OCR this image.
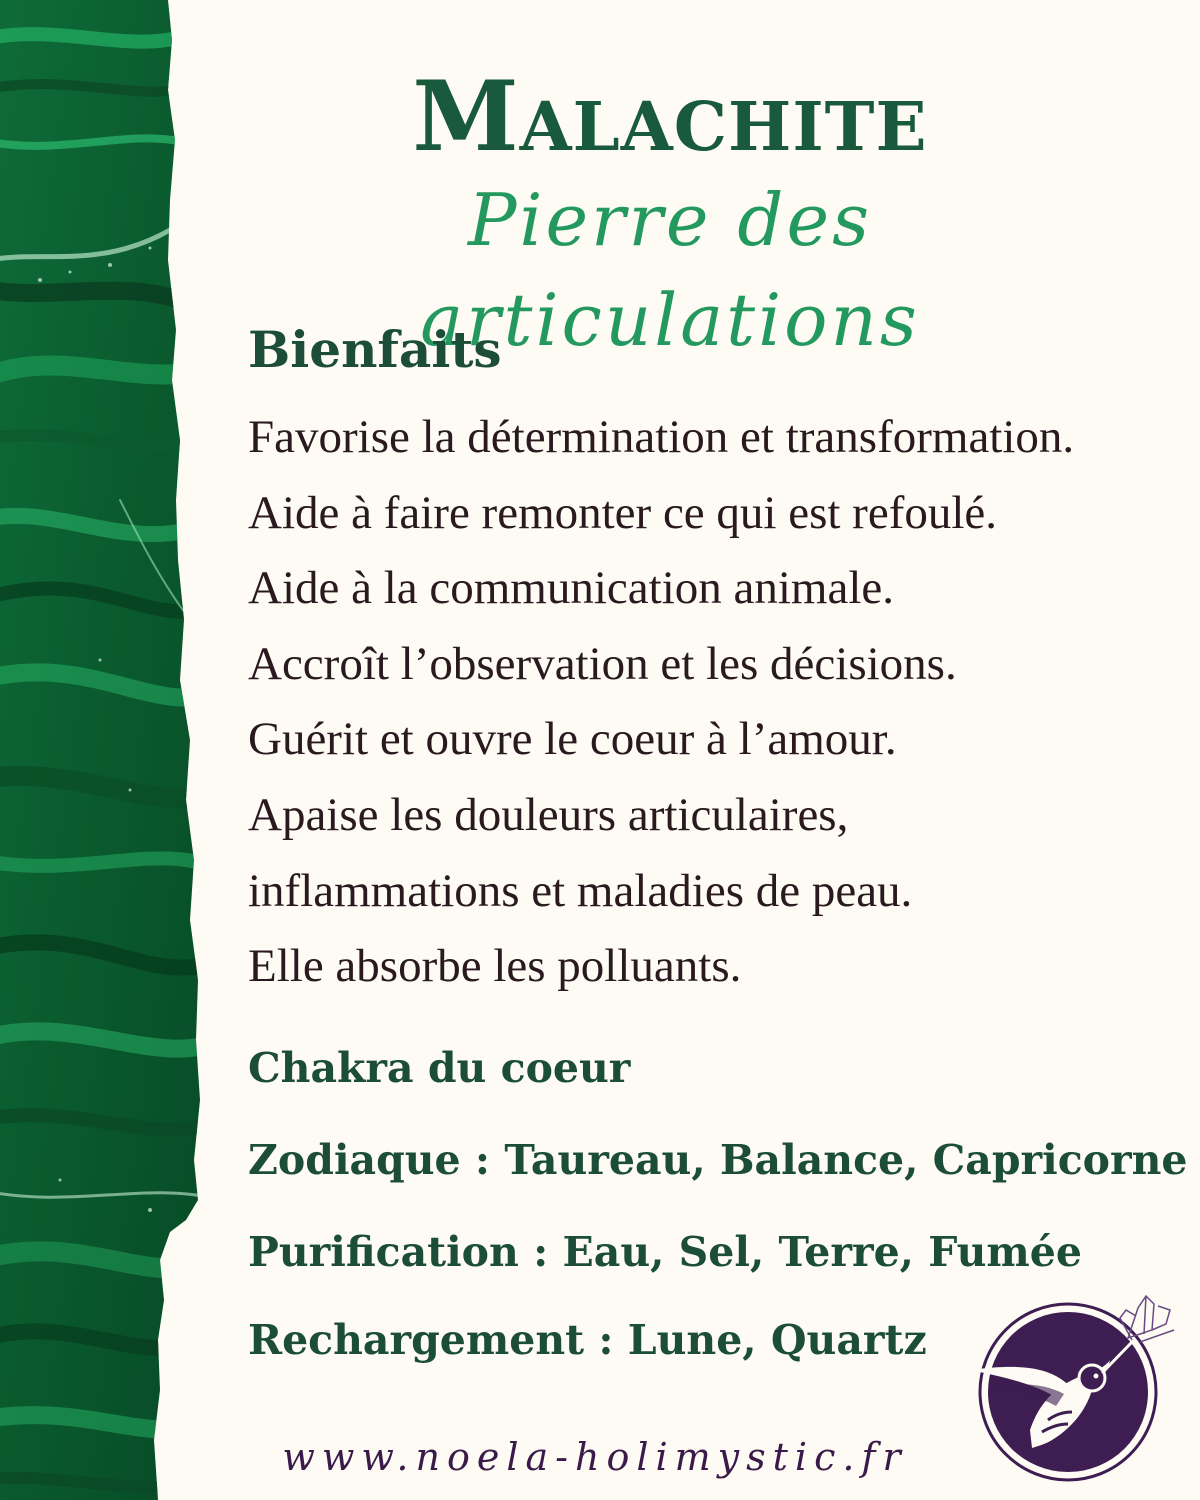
Malachite
Pierre des articulations
Bienfaits
Favorise la détermination et transformation.
Aide à faire remonter ce qui est refoulé.
Aide à la communication animale.
Accroît l’observation et les décisions.
Guérit et ouvre le coeur à l’amour.
Apaise les douleurs articulaires,
inflammations et maladies de peau.
Elle absorbe les polluants.
Chakra du coeur
Zodiaque : Taureau, Balance, Capricorne
Purification : Eau, Sel, Terre, Fumée
Rechargement : Lune, Quartz
www.noela-holimystic.fr
